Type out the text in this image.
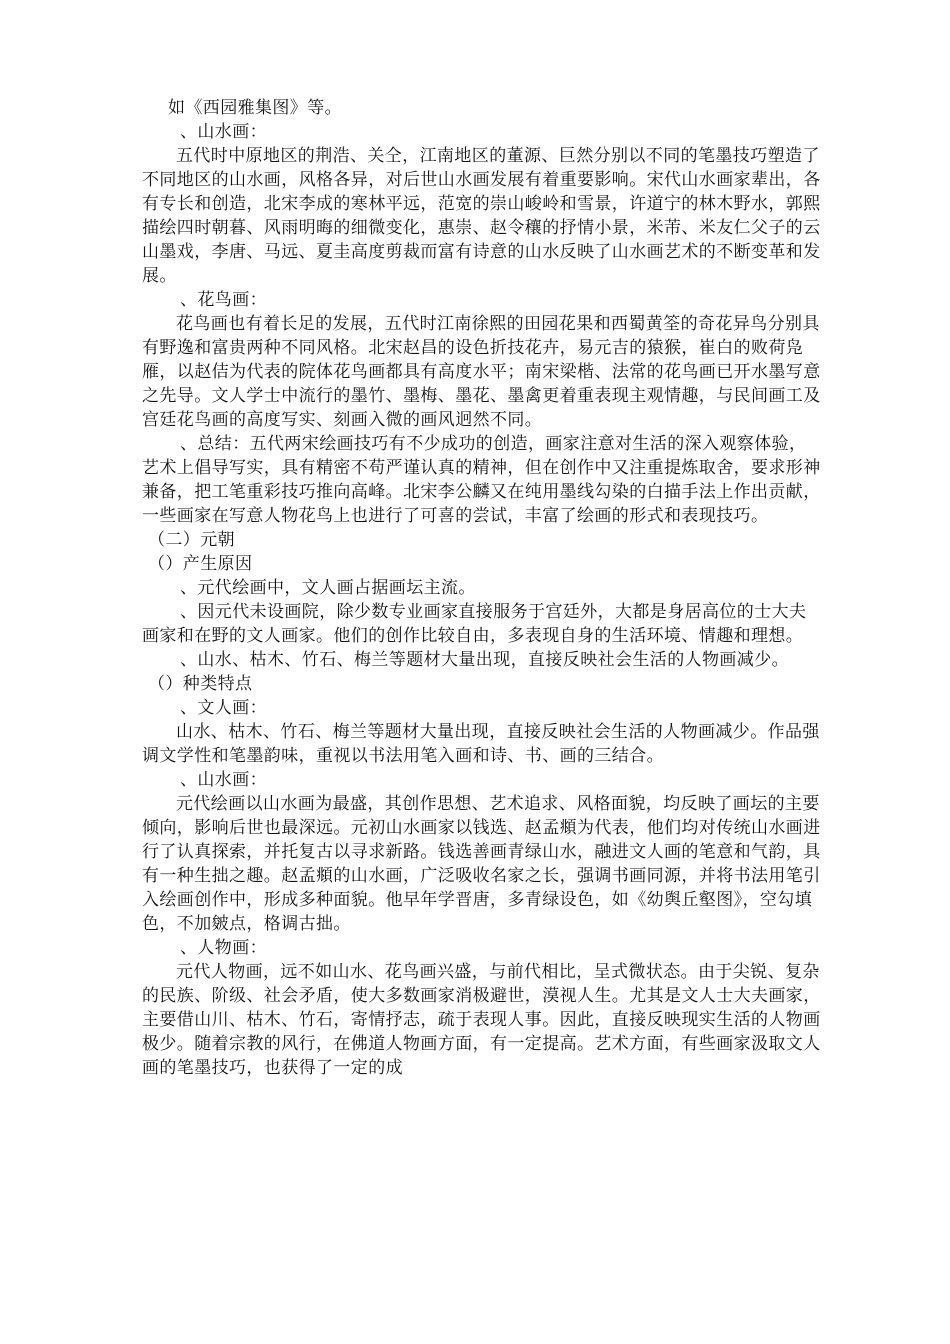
如《西园雅集图》等。

、山水画：

五代时中原地区的荆浩、关仝，江南地区的董源、巨然分别以不同的笔墨技巧塑造了不同地区的山水画，风格各异，对后世山水画发展有着重要影响。宋代山水画家辈出，各有专长和创造，北宋李成的寒林平远，范宽的崇山峻岭和雪景，许道宁的林木野水，郭熙描绘四时朝暮、风雨明晦的细微变化，惠崇、赵令穰的抒情小景，米芾、米友仁父子的云山墨戏，李唐、马远、夏圭高度剪裁而富有诗意的山水反映了山水画艺术的不断变革和发展。

、花鸟画：

花鸟画也有着长足的发展，五代时江南徐熙的田园花果和西蜀黄筌的奇花异鸟分别具有野逸和富贵两种不同风格。北宋赵昌的设色折技花卉，易元吉的猿猴，崔白的败荷凫雁，以赵佶为代表的院体花鸟画都具有高度水平；南宋梁楷、法常的花鸟画已开水墨写意之先导。文人学士中流行的墨竹、墨梅、墨花、墨禽更着重表现主观情趣，与民间画工及宫廷花鸟画的高度写实、刻画入微的画风迥然不同。

、总结：五代两宋绘画技巧有不少成功的创造，画家注意对生活的深入观察体验，艺术上倡导写实，具有精密不苟严谨认真的精神，但在创作中又注重提炼取舍，要求形神兼备，把工笔重彩技巧推向高峰。北宋李公麟又在纯用墨线勾染的白描手法上作出贡献，一些画家在写意人物花鸟上也进行了可喜的尝试，丰富了绘画的形式和表现技巧。

（二）元朝

（）产生原因

、元代绘画中，文人画占据画坛主流。

、因元代未设画院，除少数专业画家直接服务于宫廷外，大都是身居高位的士大夫画家和在野的文人画家。他们的创作比较自由，多表现自身的生活环境、情趣和理想。

、山水、枯木、竹石、梅兰等题材大量出现，直接反映社会生活的人物画减少。

（）种类特点

、文人画：

山水、枯木、竹石、梅兰等题材大量出现，直接反映社会生活的人物画减少。作品强调文学性和笔墨韵味，重视以书法用笔入画和诗、书、画的三结合。

、山水画：

元代绘画以山水画为最盛，其创作思想、艺术追求、风格面貌，均反映了画坛的主要倾向，影响后世也最深远。元初山水画家以钱选、赵孟頫为代表，他们均对传统山水画进行了认真探索，并托复古以寻求新路。钱选善画青绿山水，融进文人画的笔意和气韵，具有一种生拙之趣。赵孟頫的山水画，广泛吸收名家之长，强调书画同源，并将书法用笔引入绘画创作中，形成多种面貌。他早年学晋唐，多青绿设色，如《幼舆丘壑图》，空勾填色，不加皴点，格调古拙。

、人物画：

元代人物画，远不如山水、花鸟画兴盛，与前代相比，呈式微状态。由于尖锐、复杂的民族、阶级、社会矛盾，使大多数画家消极避世，漠视人生。尤其是文人士大夫画家，主要借山川、枯木、竹石，寄情抒志，疏于表现人事。因此，直接反映现实生活的人物画极少。随着宗教的风行，在佛道人物画方面，有一定提高。艺术方面，有些画家汲取文人画的笔墨技巧，也获得了一定的成
